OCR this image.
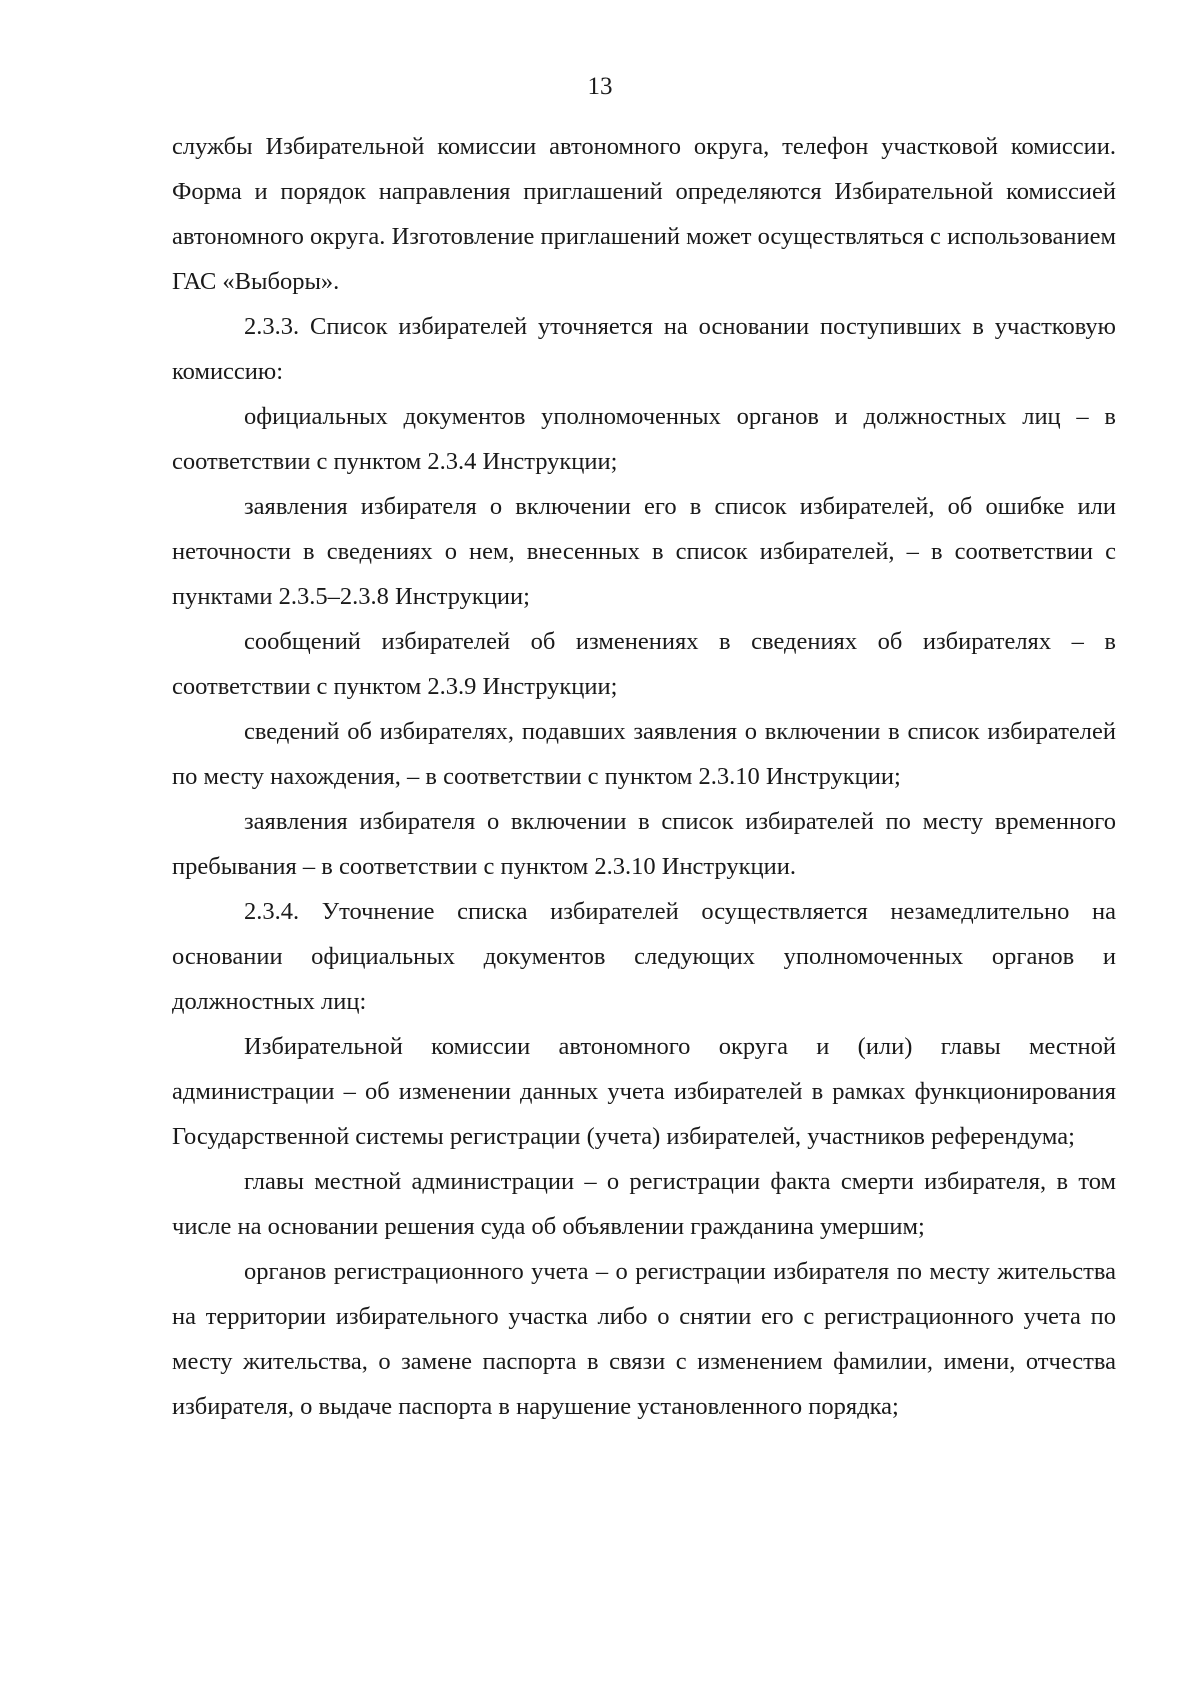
13

службы Избирательной комиссии автономного округа, телефон участковой комиссии. Форма и порядок направления приглашений определяются Избирательной комиссией автономного округа. Изготовление приглашений может осуществляться с использованием ГАС «Выборы».

2.3.3. Список избирателей уточняется на основании поступивших в участковую комиссию:

официальных документов уполномоченных органов и должностных лиц – в соответствии с пунктом 2.3.4 Инструкции;

заявления избирателя о включении его в список избирателей, об ошибке или неточности в сведениях о нем, внесенных в список избирателей, – в соответствии с пунктами 2.3.5–2.3.8 Инструкции;

сообщений избирателей об изменениях в сведениях об избирателях – в соответствии с пунктом 2.3.9 Инструкции;

сведений об избирателях, подавших заявления о включении в список избирателей по месту нахождения, – в соответствии с пунктом 2.3.10 Инструкции;

заявления избирателя о включении в список избирателей по месту временного пребывания – в соответствии с пунктом 2.3.10 Инструкции.

2.3.4. Уточнение списка избирателей осуществляется незамедлительно на основании официальных документов следующих уполномоченных органов и должностных лиц:

Избирательной комиссии автономного округа и (или) главы местной администрации – об изменении данных учета избирателей в рамках функционирования Государственной системы регистрации (учета) избирателей, участников референдума;

главы местной администрации – о регистрации факта смерти избирателя, в том числе на основании решения суда об объявлении гражданина умершим;

органов регистрационного учета – о регистрации избирателя по месту жительства на территории избирательного участка либо о снятии его с регистрационного учета по месту жительства, о замене паспорта в связи с изменением фамилии, имени, отчества избирателя, о выдаче паспорта в нарушение установленного порядка;
